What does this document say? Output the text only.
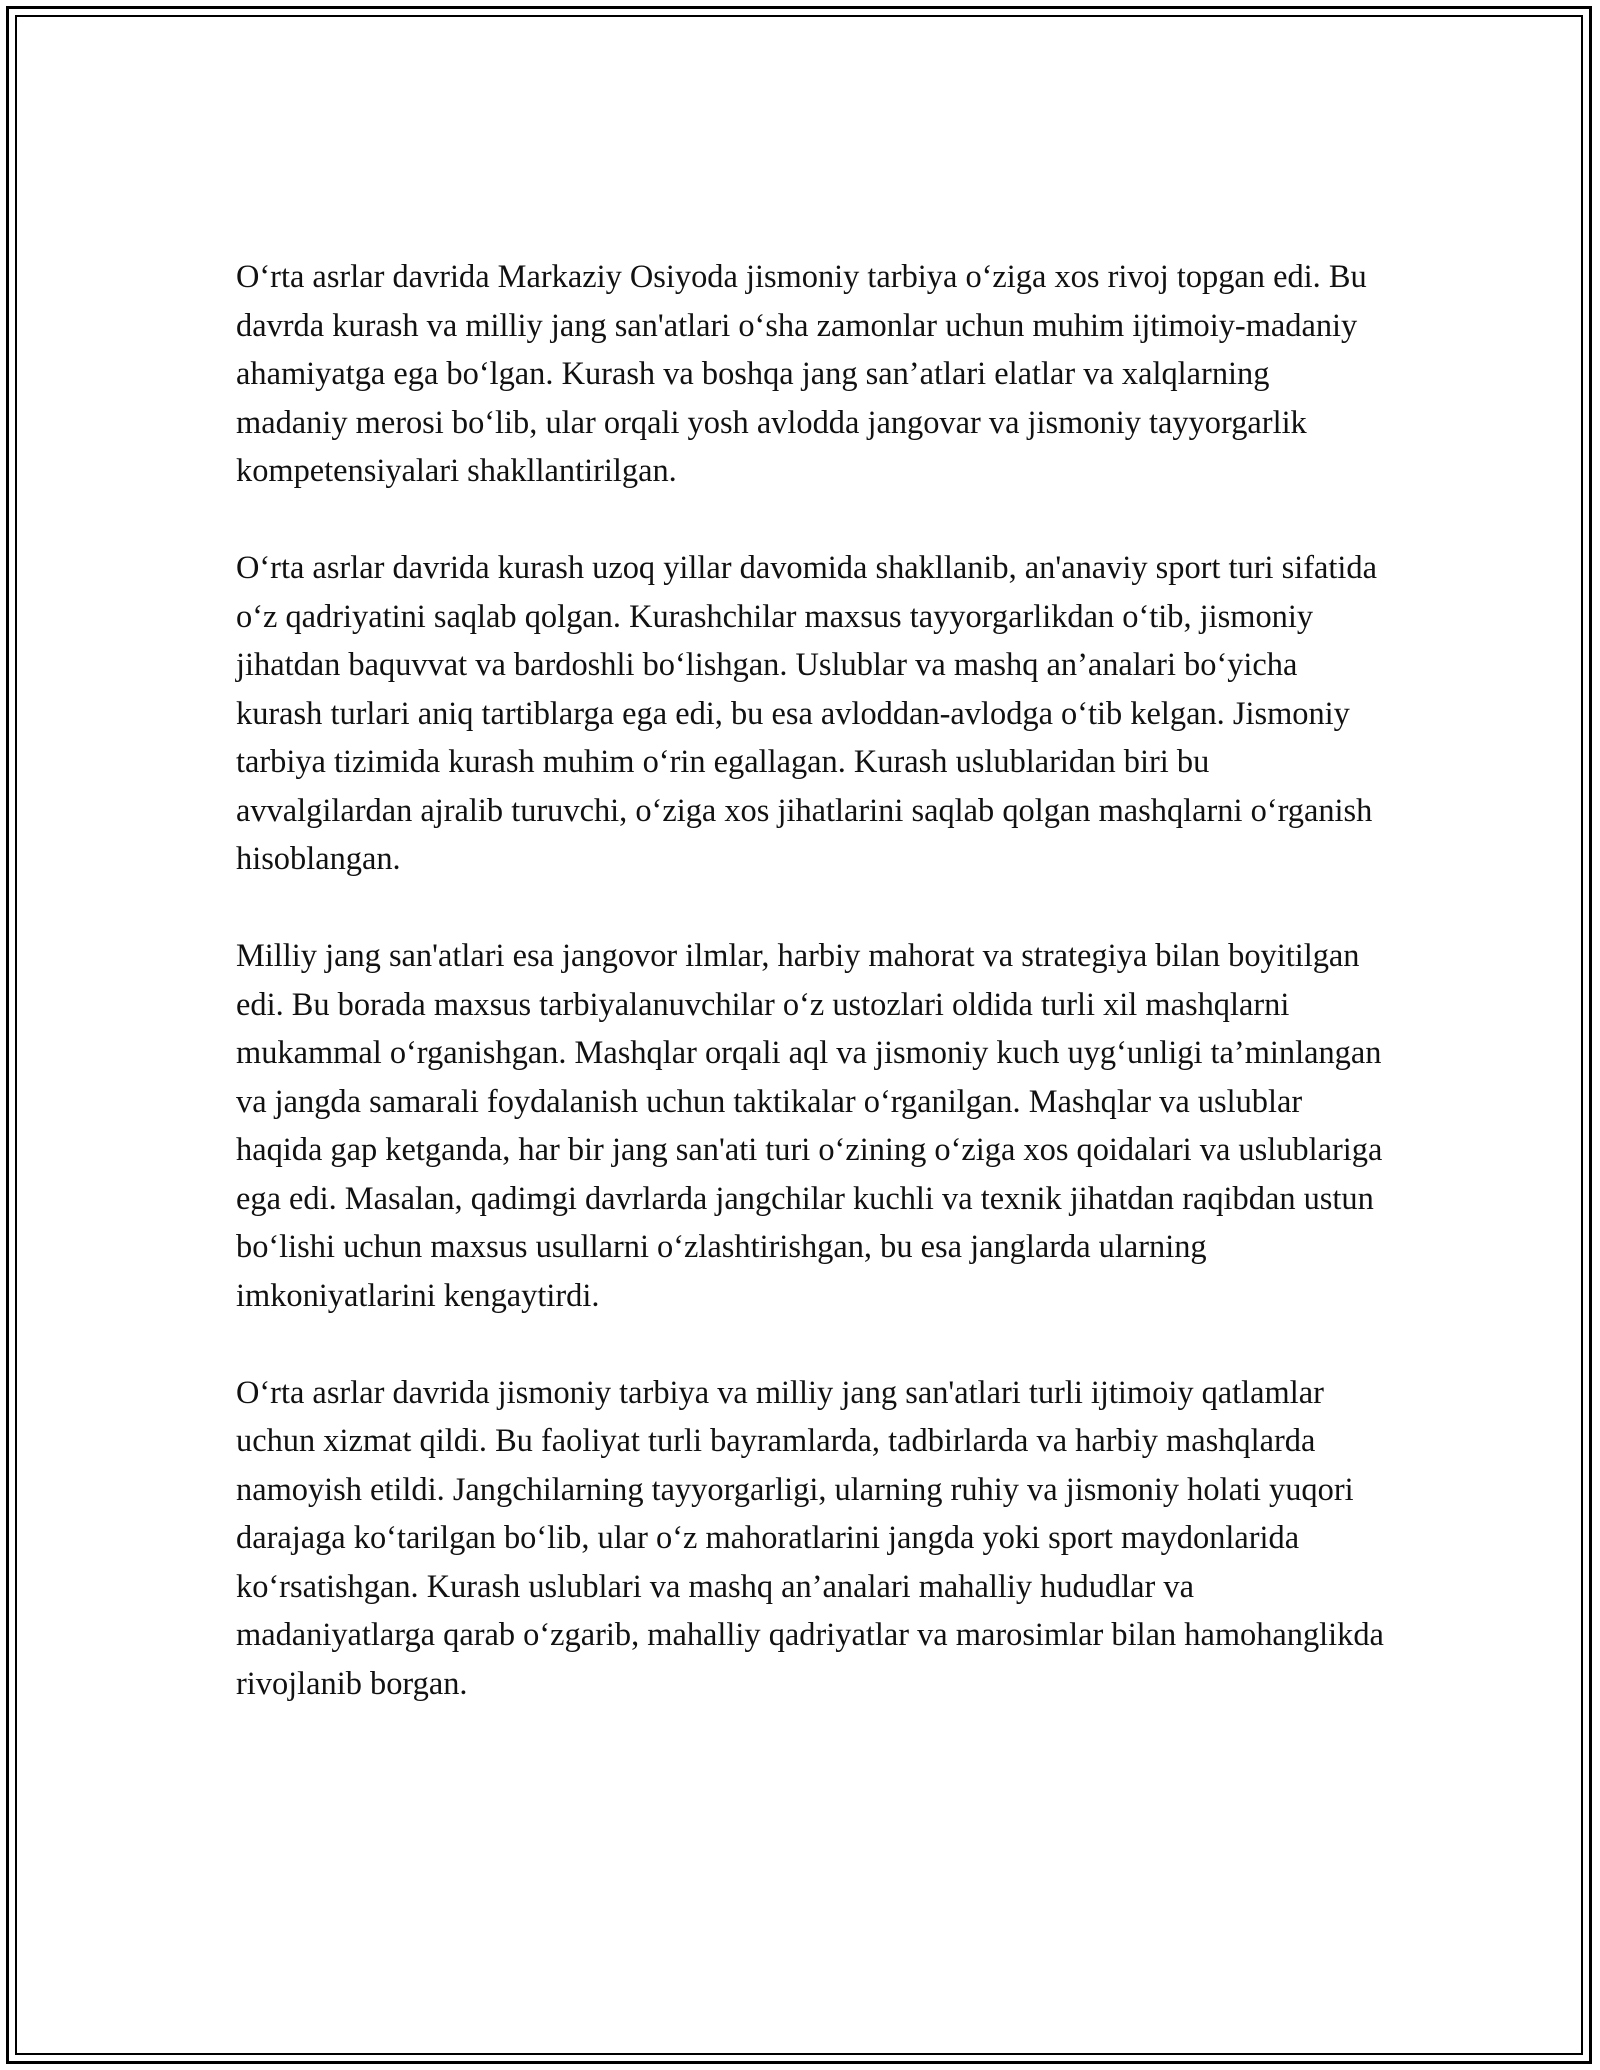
O‘rta asrlar davrida Markaziy Osiyoda jismoniy tarbiya o‘ziga xos rivoj topgan edi. Bu davrda kurash va milliy jang san'atlari o‘sha zamonlar uchun muhim ijtimoiy-madaniy ahamiyatga ega bo‘lgan. Kurash va boshqa jang san’atlari elatlar va xalqlarning madaniy merosi bo‘lib, ular orqali yosh avlodda jangovar va jismoniy tayyorgarlik kompetensiyalari shakllantirilgan.

O‘rta asrlar davrida kurash uzoq yillar davomida shakllanib, an'anaviy sport turi sifatida o‘z qadriyatini saqlab qolgan. Kurashchilar maxsus tayyorgarlikdan o‘tib, jismoniy jihatdan baquvvat va bardoshli bo‘lishgan. Uslublar va mashq an’analari bo‘yicha kurash turlari aniq tartiblarga ega edi, bu esa avloddan-avlodga o‘tib kelgan. Jismoniy tarbiya tizimida kurash muhim o‘rin egallagan. Kurash uslublaridan biri bu avvalgilardan ajralib turuvchi, o‘ziga xos jihatlarini saqlab qolgan mashqlarni o‘rganish hisoblangan.

Milliy jang san'atlari esa jangovor ilmlar, harbiy mahorat va strategiya bilan boyitilgan edi. Bu borada maxsus tarbiyalanuvchilar o‘z ustozlari oldida turli xil mashqlarni mukammal o‘rganishgan. Mashqlar orqali aql va jismoniy kuch uyg‘unligi ta’minlangan va jangda samarali foydalanish uchun taktikalar o‘rganilgan. Mashqlar va uslublar haqida gap ketganda, har bir jang san'ati turi o‘zining o‘ziga xos qoidalari va uslublariga ega edi. Masalan, qadimgi davrlarda jangchilar kuchli va texnik jihatdan raqibdan ustun bo‘lishi uchun maxsus usullarni o‘zlashtirishgan, bu esa janglarda ularning imkoniyatlarini kengaytirdi.

O‘rta asrlar davrida jismoniy tarbiya va milliy jang san'atlari turli ijtimoiy qatlamlar uchun xizmat qildi. Bu faoliyat turli bayramlarda, tadbirlarda va harbiy mashqlarda namoyish etildi. Jangchilarning tayyorgarligi, ularning ruhiy va jismoniy holati yuqori darajaga ko‘tarilgan bo‘lib, ular o‘z mahoratlarini jangda yoki sport maydonlarida ko‘rsatishgan. Kurash uslublari va mashq an’analari mahalliy hududlar va madaniyatlarga qarab o‘zgarib, mahalliy qadriyatlar va marosimlar bilan hamohanglikda rivojlanib borgan.
